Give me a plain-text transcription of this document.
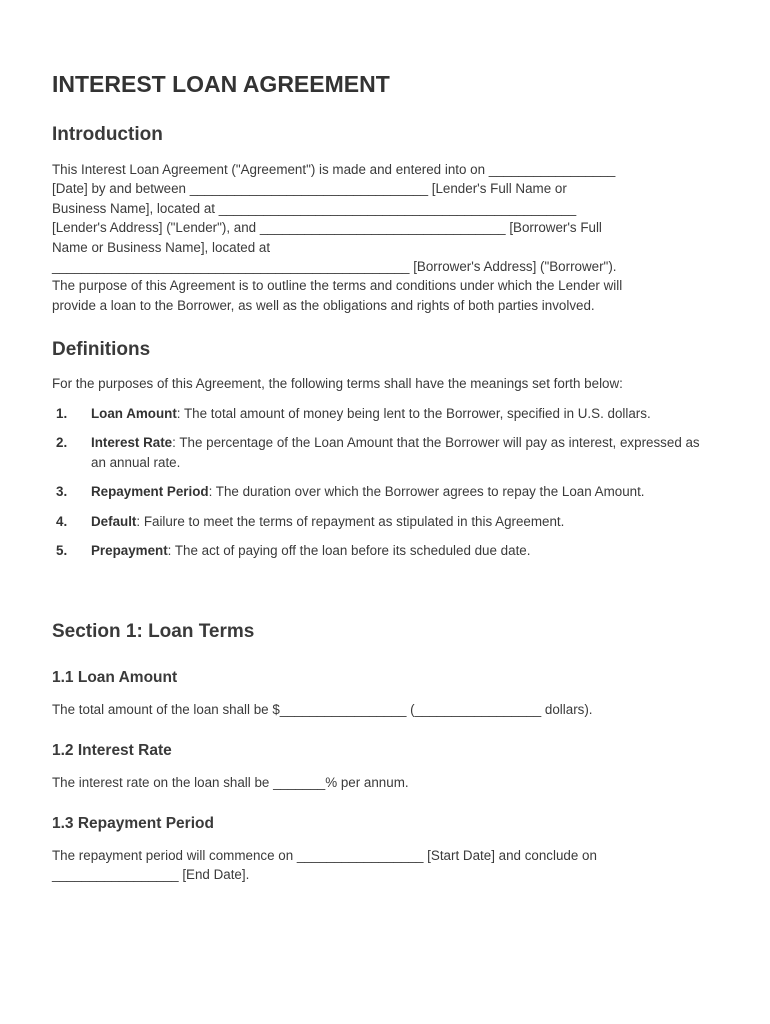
INTEREST LOAN AGREEMENT
Introduction
This Interest Loan Agreement ("Agreement") is made and entered into on _________________
[Date] by and between ________________________________ [Lender's Full Name or
Business Name], located at ________________________________________________
[Lender's Address] ("Lender"), and _________________________________ [Borrower's Full
Name or Business Name], located at
________________________________________________ [Borrower's Address] ("Borrower").
The purpose of this Agreement is to outline the terms and conditions under which the Lender will
provide a loan to the Borrower, as well as the obligations and rights of both parties involved.
Definitions

For the purposes of this Agreement, the following terms shall have the meanings set forth below:

1. Loan Amount: The total amount of money being lent to the Borrower, specified in U.S. dollars.
2. Interest Rate: The percentage of the Loan Amount that the Borrower will pay as interest, expressed as an annual rate.
3. Repayment Period: The duration over which the Borrower agrees to repay the Loan Amount.
4. Default: Failure to meet the terms of repayment as stipulated in this Agreement.
5. Prepayment: The act of paying off the loan before its scheduled due date.
Section 1: Loan Terms
1.1 Loan Amount

The total amount of the loan shall be $_________________ (_________________ dollars).

1.2 Interest Rate

The interest rate on the loan shall be _______% per annum.

1.3 Repayment Period
The repayment period will commence on _________________ [Start Date] and conclude on
_________________ [End Date].
